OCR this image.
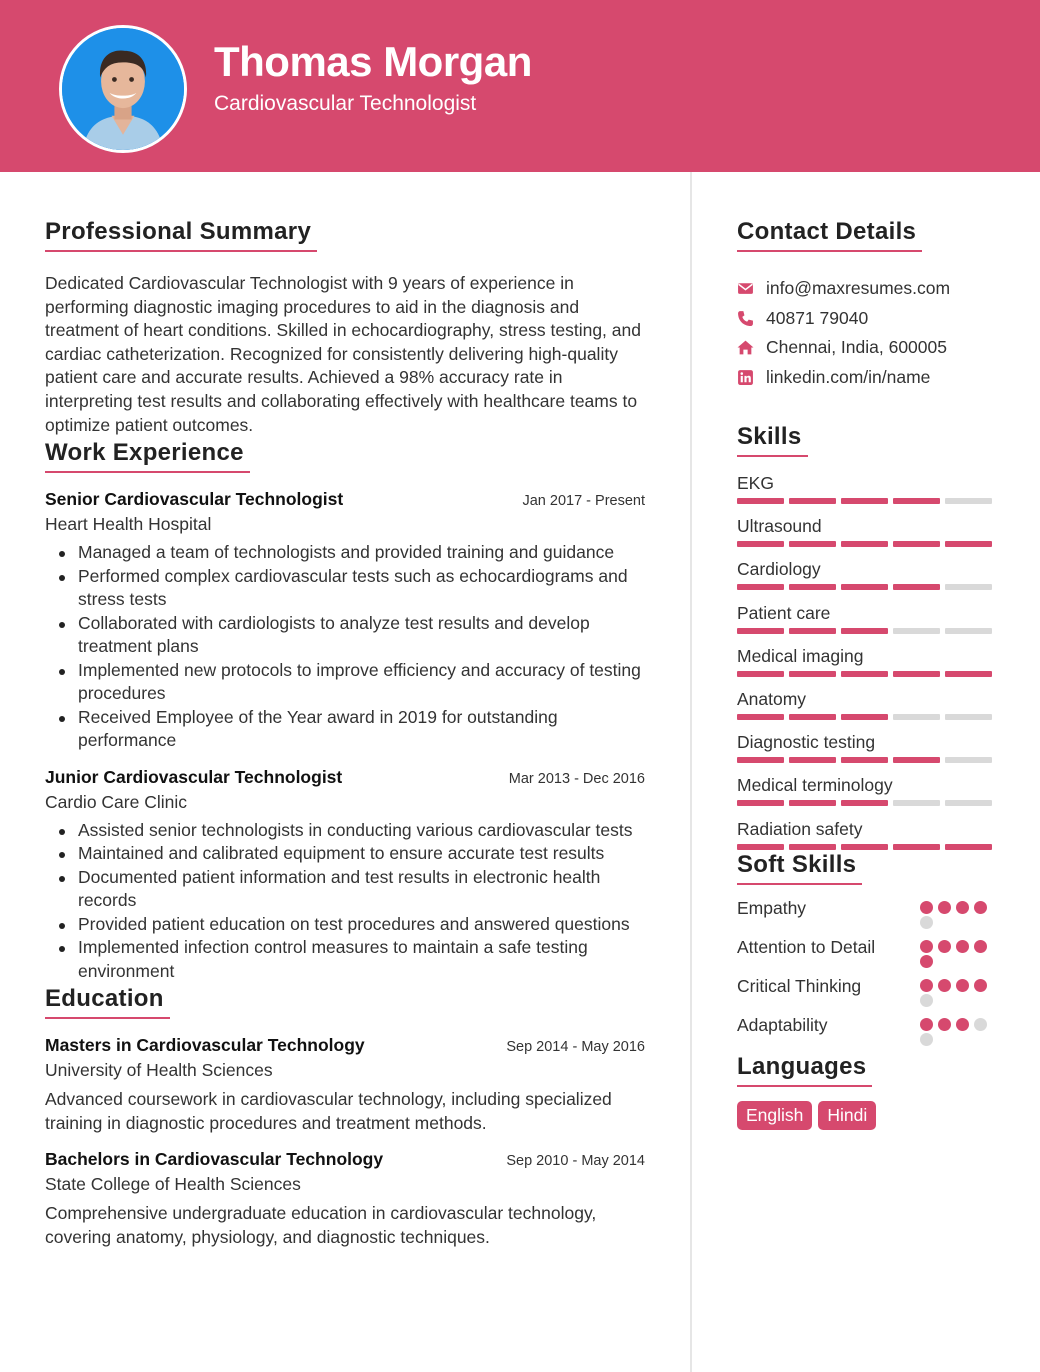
Thomas Morgan
Cardiovascular Technologist
Professional Summary

Dedicated Cardiovascular Technologist with 9 years of experience in performing diagnostic imaging procedures to aid in the diagnosis and treatment of heart conditions. Skilled in echocardiography, stress testing, and cardiac catheterization. Recognized for consistently delivering high-quality patient care and accurate results. Achieved a 98% accuracy rate in interpreting test results and collaborating effectively with healthcare teams to optimize patient outcomes.

Work Experience
Senior Cardiovascular Technologist	Jan 2017 - Present
Heart Health Hospital
Managed a team of technologists and provided training and guidance
Performed complex cardiovascular tests such as echocardiograms and stress tests
Collaborated with cardiologists to analyze test results and develop treatment plans
Implemented new protocols to improve efficiency and accuracy of testing procedures
Received Employee of the Year award in 2019 for outstanding performance
Junior Cardiovascular Technologist	Mar 2013 - Dec 2016
Cardio Care Clinic
Assisted senior technologists in conducting various cardiovascular tests
Maintained and calibrated equipment to ensure accurate test results
Documented patient information and test results in electronic health records
Provided patient education on test procedures and answered questions
Implemented infection control measures to maintain a safe testing environment
Education
Masters in Cardiovascular Technology	Sep 2014 - May 2016
University of Health Sciences

Advanced coursework in cardiovascular technology, including specialized training in diagnostic procedures and treatment methods.

Bachelors in Cardiovascular Technology	Sep 2010 - May 2014
State College of Health Sciences

Comprehensive undergraduate education in cardiovascular technology, covering anatomy, physiology, and diagnostic techniques.

Contact Details
info@maxresumes.com
40871 79040
Chennai, India, 600005
linkedin.com/in/name
Skills
EKG
Ultrasound
Cardiology
Patient care
Medical imaging
Anatomy
Diagnostic testing
Medical terminology
Radiation safety
Soft Skills
Empathy
Attention to Detail
Critical Thinking
Adaptability
Languages
English	Hindi
